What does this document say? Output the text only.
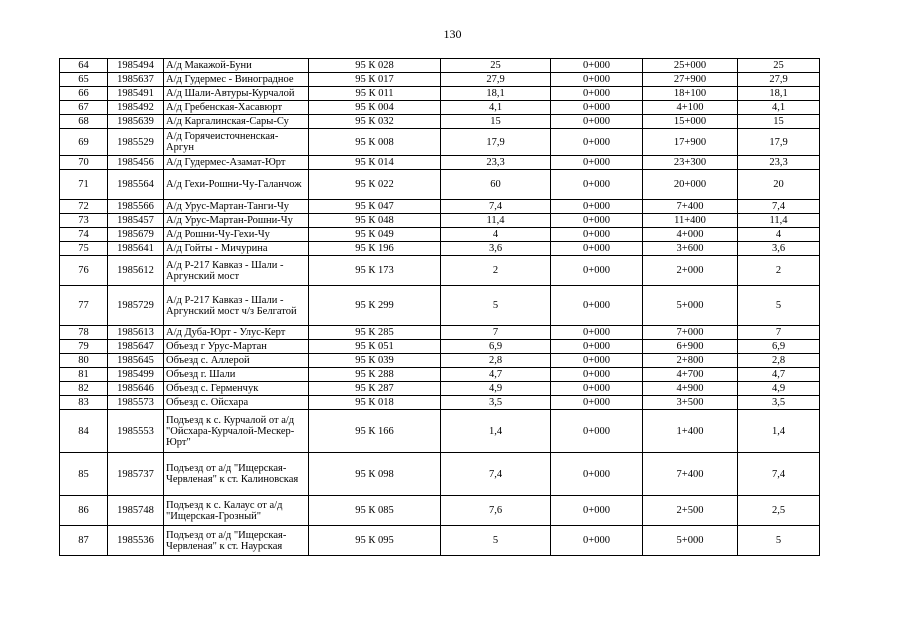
130
64	1985494	А/д Макажой-Буни	95 К 028	25	0+000	25+000	25
65	1985637	А/д Гудермес - Виноградное	95 К 017	27,9	0+000	27+900	27,9
66	1985491	А/д Шали-Автуры-Курчалой	95 К 011	18,1	0+000	18+100	18,1
67	1985492	А/д Гребенская-Хасавюрт	95 К 004	4,1	0+000	4+100	4,1
68	1985639	А/д Каргалинская-Сары-Су	95 К 032	15	0+000	15+000	15
69	1985529	А/д Горячеисточненская-Аргун	95 К 008	17,9	0+000	17+900	17,9
70	1985456	А/д Гудермес-Азамат-Юрт	95 К 014	23,3	0+000	23+300	23,3
71	1985564	А/д Гехи-Рошни-Чу-Галанчож	95 К 022	60	0+000	20+000	20
72	1985566	А/д Урус-Мартан-Танги-Чу	95 К 047	7,4	0+000	7+400	7,4
73	1985457	А/д Урус-Мартан-Рошни-Чу	95 К 048	11,4	0+000	11+400	11,4
74	1985679	А/д Рошни-Чу-Гехи-Чу	95 К 049	4	0+000	4+000	4
75	1985641	А/д Гойты - Мичурина	95 К 196	3,6	0+000	3+600	3,6
76	1985612	А/д Р-217 Кавказ - Шали - Аргунский мост	95 К 173	2	0+000	2+000	2
77	1985729	А/д Р-217 Кавказ - Шали - Аргунский мост ч/з Белгатой	95 К 299	5	0+000	5+000	5
78	1985613	А/д Дуба-Юрт - Улус-Керт	95 К 285	7	0+000	7+000	7
79	1985647	Объезд г Урус-Мартан	95 К 051	6,9	0+000	6+900	6,9
80	1985645	Объезд с. Аллерой	95 К 039	2,8	0+000	2+800	2,8
81	1985499	Объезд г. Шали	95 К 288	4,7	0+000	4+700	4,7
82	1985646	Объезд с. Герменчук	95 К 287	4,9	0+000	4+900	4,9
83	1985573	Объезд с. Ойсхара	95 К 018	3,5	0+000	3+500	3,5
84	1985553	Подъезд к с. Курчалой от а/д "Ойсхара-Курчалой-Мескер-Юрт"	95 К 166	1,4	0+000	1+400	1,4
85	1985737	Подъезд от а/д "Ищерская-Червленая" к ст. Калиновская	95 К 098	7,4	0+000	7+400	7,4
86	1985748	Подъезд к с. Калаус от а/д "Ищерская-Грозный"	95 К 085	7,6	0+000	2+500	2,5
87	1985536	Подъезд от а/д "Ищерская-Червленая" к ст. Наурская	95 К 095	5	0+000	5+000	5
